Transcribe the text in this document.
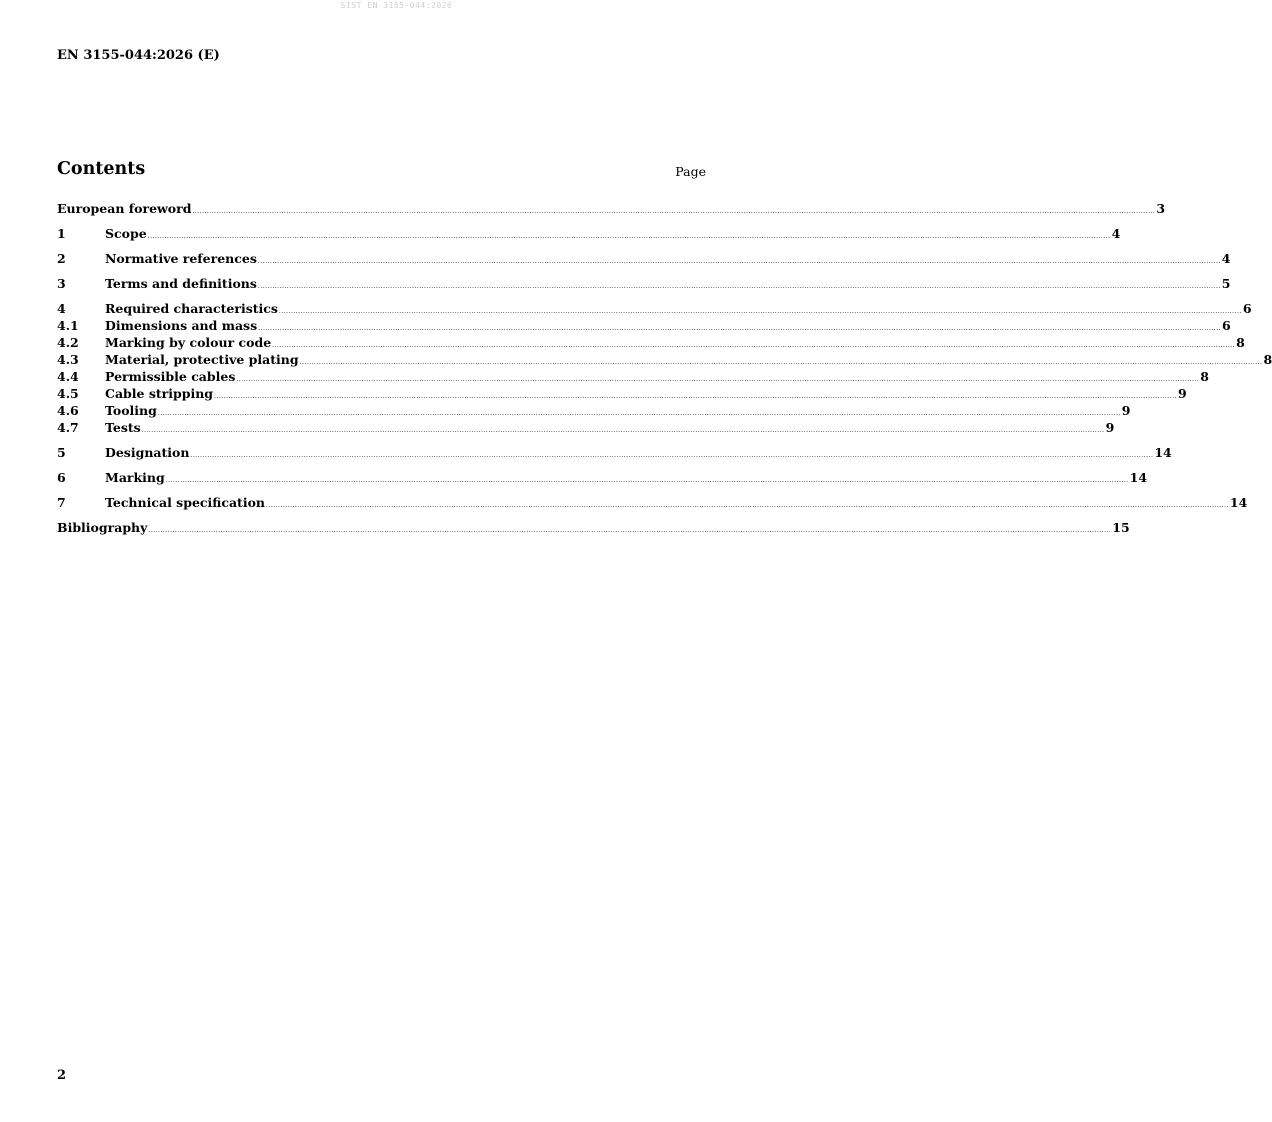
SIST EN 3155-044:2026
EN 3155-044:2026 (E)
Contents	Page
European foreword ................................................................................................................................................................................................................................................................................................................................................................................................................ 3
1	Scope ................................................................................................................................................................................................................................................................................................................................................................................................................ 4
2	Normative references ................................................................................................................................................................................................................................................................................................................................................................................................................ 4
3	Terms and definitions ................................................................................................................................................................................................................................................................................................................................................................................................................ 5
4	Required characteristics ................................................................................................................................................................................................................................................................................................................................................................................................................ 6
4.1	Dimensions and mass ................................................................................................................................................................................................................................................................................................................................................................................................................ 6
4.2	Marking by colour code ................................................................................................................................................................................................................................................................................................................................................................................................................ 8
4.3	Material, protective plating ................................................................................................................................................................................................................................................................................................................................................................................................................ 8
4.4	Permissible cables ................................................................................................................................................................................................................................................................................................................................................................................................................ 8
4.5	Cable stripping ................................................................................................................................................................................................................................................................................................................................................................................................................ 9
4.6	Tooling ................................................................................................................................................................................................................................................................................................................................................................................................................ 9
4.7	Tests ................................................................................................................................................................................................................................................................................................................................................................................................................ 9
5	Designation ................................................................................................................................................................................................................................................................................................................................................................................................................ 14
6	Marking ................................................................................................................................................................................................................................................................................................................................................................................................................ 14
7	Technical specification ................................................................................................................................................................................................................................................................................................................................................................................................................ 14
Bibliography ................................................................................................................................................................................................................................................................................................................................................................................................................ 15
2
